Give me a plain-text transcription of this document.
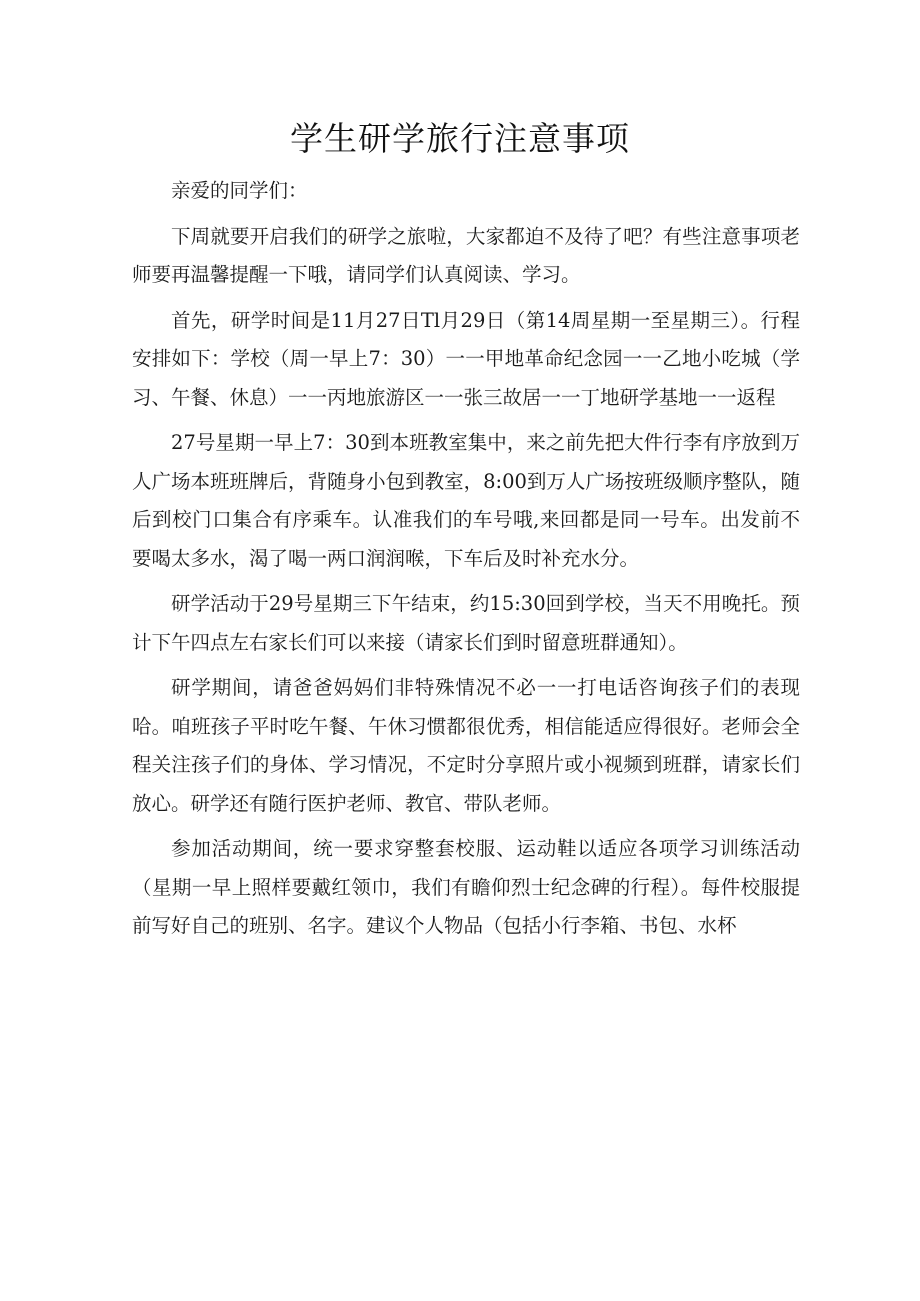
学生研学旅行注意事项

亲爱的同学们：

下周就要开启我们的研学之旅啦，大家都迫不及待了吧？有些注意事项老师要再温馨提醒一下哦，请同学们认真阅读、学习。

首先，研学时间是11月27日Tl月29日（第14周星期一至星期三）。行程安排如下：学校（周一早上7：30）一一甲地革命纪念园一一乙地小吃城（学习、午餐、休息）一一丙地旅游区一一张三故居一一丁地研学基地一一返程

27号星期一早上7：30到本班教室集中，来之前先把大件行李有序放到万人广场本班班牌后，背随身小包到教室，8:00到万人广场按班级顺序整队，随后到校门口集合有序乘车。认准我们的车号哦,来回都是同一号车。出发前不要喝太多水，渴了喝一两口润润喉，下车后及时补充水分。

研学活动于29号星期三下午结束，约15:30回到学校，当天不用晚托。预计下午四点左右家长们可以来接（请家长们到时留意班群通知）。

研学期间，请爸爸妈妈们非特殊情况不必一一打电话咨询孩子们的表现哈。咱班孩子平时吃午餐、午休习惯都很优秀，相信能适应得很好。老师会全程关注孩子们的身体、学习情况，不定时分享照片或小视频到班群，请家长们放心。研学还有随行医护老师、教官、带队老师。

参加活动期间，统一要求穿整套校服、运动鞋以适应各项学习训练活动（星期一早上照样要戴红领巾，我们有瞻仰烈士纪念碑的行程）。每件校服提前写好自己的班别、名字。建议个人物品（包括小行李箱、书包、水杯
